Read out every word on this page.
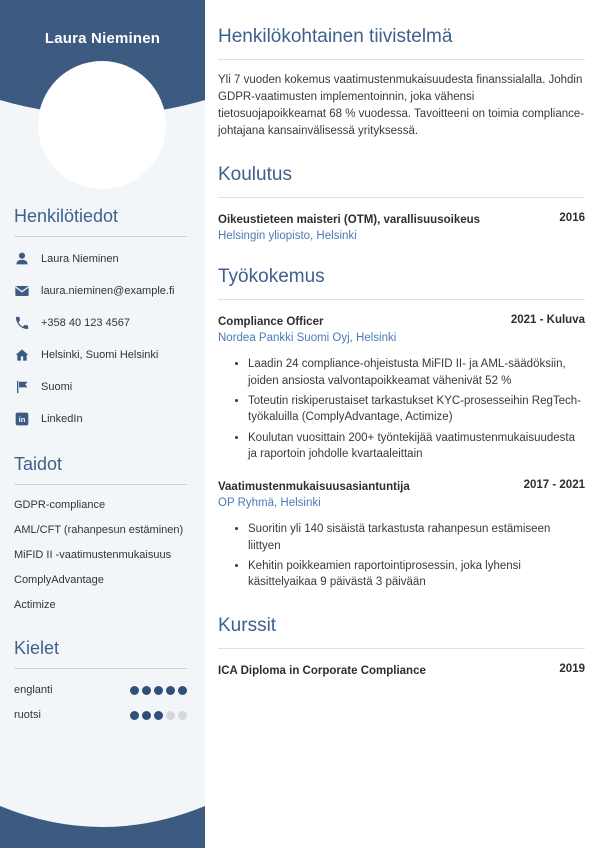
Laura Nieminen
Henkilötiedot
Laura Nieminen
laura.nieminen@example.fi
+358 40 123 4567
Helsinki, Suomi Helsinki
Suomi
in LinkedIn
Taidot
GDPR-compliance
AML/CFT (rahanpesun estäminen)
MiFID II -vaatimustenmukaisuus
ComplyAdvantage
Actimize
Kielet
englanti
ruotsi
Henkilökohtainen tiivistelmä

Yli 7 vuoden kokemus vaatimustenmukaisuudesta finanssialalla. Johdin GDPR-vaatimusten implementoinnin, joka vähensi tietosuojapoikkeamat 68 % vuodessa. Tavoitteeni on toimia compliance-johtajana kansainvälisessä yrityksessä.

Koulutus
Oikeustieteen maisteri (OTM), varallisuusoikeus	2016
Helsingin yliopisto, Helsinki
Työkokemus
Compliance Officer	2021 - Kuluva
Nordea Pankki Suomi Oyj, Helsinki
• Laadin 24 compliance-ohjeistusta MiFID II- ja AML-säädöksiin, joiden ansiosta valvontapoikkeamat vähenivät 52 %
• Toteutin riskiperustaiset tarkastukset KYC-prosesseihin RegTech-työkaluilla (ComplyAdvantage, Actimize)
• Koulutan vuosittain 200+ työntekijää vaatimustenmukaisuudesta ja raportoin johdolle kvartaaleittain
Vaatimustenmukaisuusasiantuntija	2017 - 2021
OP Ryhmä, Helsinki
• Suoritin yli 140 sisäistä tarkastusta rahanpesun estämiseen liittyen
• Kehitin poikkeamien raportointiprosessin, joka lyhensi käsittelyaikaa 9 päivästä 3 päivään
Kurssit
ICA Diploma in Corporate Compliance	2019
